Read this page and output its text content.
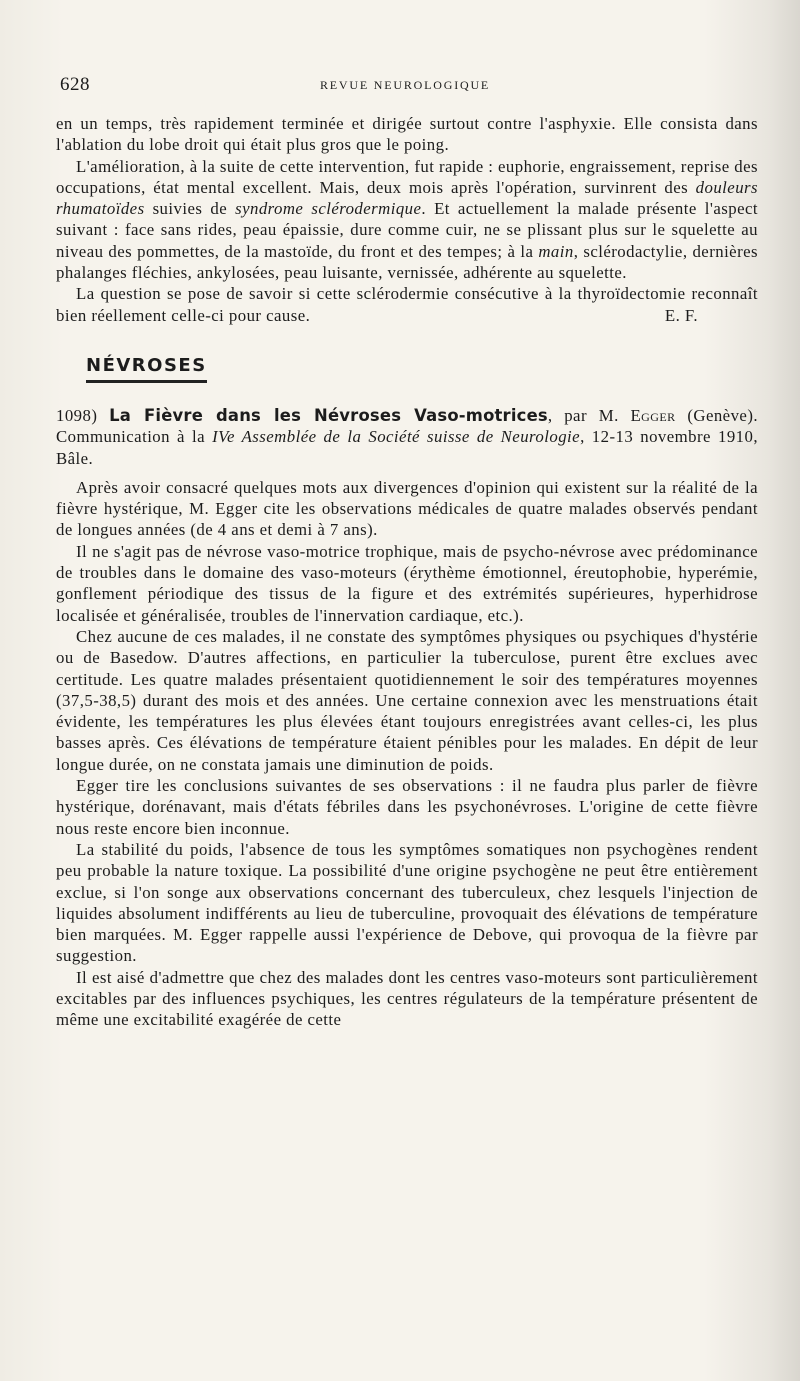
628	REVUE NEUROLOGIQUE

en un temps, très rapidement terminée et dirigée surtout contre l'asphyxie. Elle consista dans l'ablation du lobe droit qui était plus gros que le poing.

L'amélioration, à la suite de cette intervention, fut rapide : euphorie, engraissement, reprise des occupations, état mental excellent. Mais, deux mois après l'opération, survinrent des douleurs rhumatoïdes suivies de syndrome sclérodermique. Et actuellement la malade présente l'aspect suivant : face sans rides, peau épaissie, dure comme cuir, ne se plissant plus sur le squelette au niveau des pommettes, de la mastoïde, du front et des tempes; à la main, sclérodactylie, dernières phalanges fléchies, ankylosées, peau luisante, vernissée, adhérente au squelette.

La question se pose de savoir si cette sclérodermie consécutive à la thyroïdectomie reconnaît bien réellement celle-ci pour cause.	E. F.

NÉVROSES

1098) La Fièvre dans les Névroses Vaso-motrices, par M. Egger (Genève). Communication à la IVe Assemblée de la Société suisse de Neurologie, 12-13 novembre 1910, Bâle.

Après avoir consacré quelques mots aux divergences d'opinion qui existent sur la réalité de la fièvre hystérique, M. Egger cite les observations médicales de quatre malades observés pendant de longues années (de 4 ans et demi à 7 ans).

Il ne s'agit pas de névrose vaso-motrice trophique, mais de psycho-névrose avec prédominance de troubles dans le domaine des vaso-moteurs (érythème émotionnel, éreutophobie, hyperémie, gonflement périodique des tissus de la figure et des extrémités supérieures, hyperhidrose localisée et généralisée, troubles de l'innervation cardiaque, etc.).

Chez aucune de ces malades, il ne constate des symptômes physiques ou psychiques d'hystérie ou de Basedow. D'autres affections, en particulier la tuberculose, purent être exclues avec certitude. Les quatre malades présentaient quotidiennement le soir des températures moyennes (37,5-38,5) durant des mois et des années. Une certaine connexion avec les menstruations était évidente, les températures les plus élevées étant toujours enregistrées avant celles-ci, les plus basses après. Ces élévations de température étaient pénibles pour les malades. En dépit de leur longue durée, on ne constata jamais une diminution de poids.

Egger tire les conclusions suivantes de ses observations : il ne faudra plus parler de fièvre hystérique, dorénavant, mais d'états fébriles dans les psychonévroses. L'origine de cette fièvre nous reste encore bien inconnue.

La stabilité du poids, l'absence de tous les symptômes somatiques non psychogènes rendent peu probable la nature toxique. La possibilité d'une origine psychogène ne peut être entièrement exclue, si l'on songe aux observations concernant des tuberculeux, chez lesquels l'injection de liquides absolument indifférents au lieu de tuberculine, provoquait des élévations de température bien marquées. M. Egger rappelle aussi l'expérience de Debove, qui provoqua de la fièvre par suggestion.

Il est aisé d'admettre que chez des malades dont les centres vaso-moteurs sont particulièrement excitables par des influences psychiques, les centres régulateurs de la température présentent de même une excitabilité exagérée de cette
